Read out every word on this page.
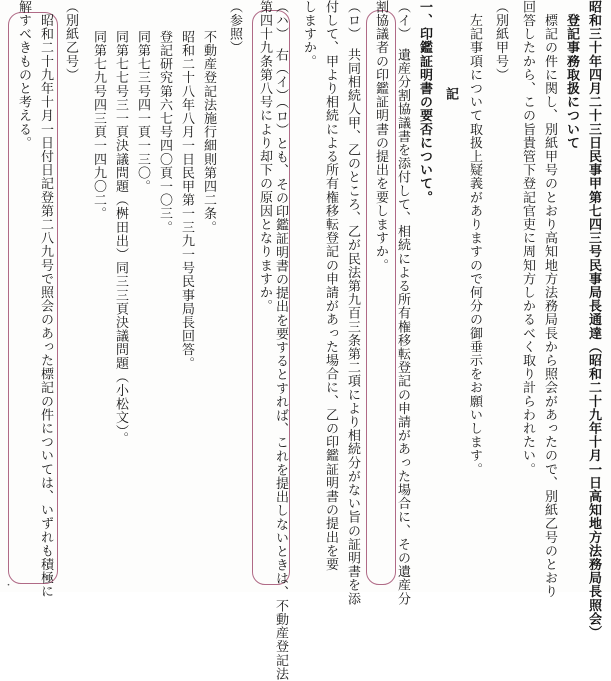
昭和三十年四月二十三日民事甲第七四三号民事局長通達（昭和二十九年十月一日高知地方法務局長照会）
　登記事務取扱について
　標記の件に関し、別紙甲号のとおり高知地方法務局長から照会があったので、別紙乙号のとおり
回答したから、この旨貴管下登記官吏に周知方しかるべく取り計らわれたい。
（別紙甲号）
　左記事項について取扱上疑義がありますので何分の御垂示をお願いします。
　　記
一、印鑑証明書の要否について。
（イ）　遺産分割協議書を添付して、相続による所有権移転登記の申請があった場合に、その遺産分
割協議者の印鑑証明書の提出を要しますか。
（ロ）　共同相続人甲、乙のところ、乙が民法第九百三条第二項により相続分がない旨の証明書を添
付して、甲より相続による所有権移転登記の申請があった場合に、乙の印鑑証明書の提出を要
しますか。
（ハ）　右（イ）（ロ）とも、その印鑑証明書の提出を要するとすれば、これを提出しないときは、不動産登記法
第四十九条第八号により却下の原因となりますか。
（参照）
不動産登記法施行細則第四二条。
昭和二十八年八月一日民甲第一三九一号民事局長回答。
登記研究第六七号四〇頁一〇三。
同第七三号四一頁一三〇。
同第七七号三一頁決議問題（桝田出）同三三頁決議問題（小松文）。
同第七九号四三頁一四九〇二。
（別紙乙号）
　昭和二十九年十月一日付日記登第二八九号で照会のあった標記の件については、いずれも積極に
解すべきものと考える。
・
